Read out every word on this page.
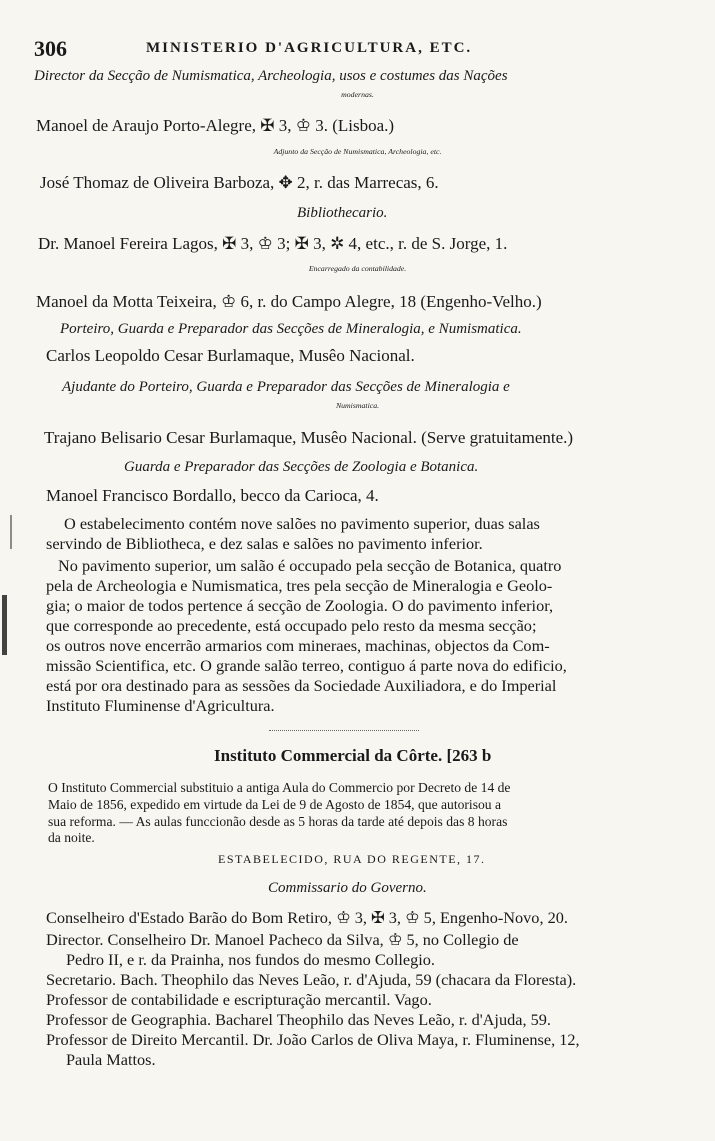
306	MINISTERIO D'AGRICULTURA, ETC.
Director da Secção de Numismatica, Archeologia, usos e costumes das Nações
modernas.
Manoel de Araujo Porto-Alegre, ✠ 3, ♔ 3. (Lisboa.)
Adjunto da Secção de Numismatica, Archeologia, etc.
José Thomaz de Oliveira Barboza, ✥ 2, r. das Marrecas, 6.
Bibliothecario.
Dr. Manoel Fereira Lagos, ✠ 3, ♔ 3; ✠ 3, ✲ 4, etc., r. de S. Jorge, 1.
Encarregado da contabilidade.
Manoel da Motta Teixeira, ♔ 6, r. do Campo Alegre, 18 (Engenho-Velho.)
Porteiro, Guarda e Preparador das Secções de Mineralogia, e Numismatica.
Carlos Leopoldo Cesar Burlamaque, Musêo Nacional.
Ajudante do Porteiro, Guarda e Preparador das Secções de Mineralogia e
Numismatica.
Trajano Belisario Cesar Burlamaque, Musêo Nacional. (Serve gratuitamente.)
Guarda e Preparador das Secções de Zoologia e Botanica.
Manoel Francisco Bordallo, becco da Carioca, 4.
O estabelecimento contém nove salões no pavimento superior, duas salas
servindo de Bibliotheca, e dez salas e salões no pavimento inferior.
No pavimento superior, um salão é occupado pela secção de Botanica, quatro
pela de Archeologia e Numismatica, tres pela secção de Mineralogia e Geolo-
gia; o maior de todos pertence á secção de Zoologia. O do pavimento inferior,
que corresponde ao precedente, está occupado pelo resto da mesma secção;
os outros nove encerrão armarios com mineraes, machinas, objectos da Com-
missão Scientifica, etc. O grande salão terreo, contiguo á parte nova do edificio,
está por ora destinado para as sessões da Sociedade Auxiliadora, e do Imperial
Instituto Fluminense d'Agricultura.
Instituto Commercial da Côrte. [263 b
O Instituto Commercial substituio a antiga Aula do Commercio por Decreto de 14 de
Maio de 1856, expedido em virtude da Lei de 9 de Agosto de 1854, que autorisou a
sua reforma. — As aulas funccionão desde as 5 horas da tarde até depois das 8 horas
da noite.
ESTABELECIDO, RUA DO REGENTE, 17.
Commissario do Governo.
Conselheiro d'Estado Barão do Bom Retiro, ♔ 3, ✠ 3, ♔ 5, Engenho-Novo, 20.
Director. Conselheiro Dr. Manoel Pacheco da Silva, ♔ 5, no Collegio de
Pedro II, e r. da Prainha, nos fundos do mesmo Collegio.
Secretario. Bach. Theophilo das Neves Leão, r. d'Ajuda, 59 (chacara da Floresta).
Professor de contabilidade e escripturação mercantil. Vago.
Professor de Geographia. Bacharel Theophilo das Neves Leão, r. d'Ajuda, 59.
Professor de Direito Mercantil. Dr. João Carlos de Oliva Maya, r. Fluminense, 12,
Paula Mattos.
